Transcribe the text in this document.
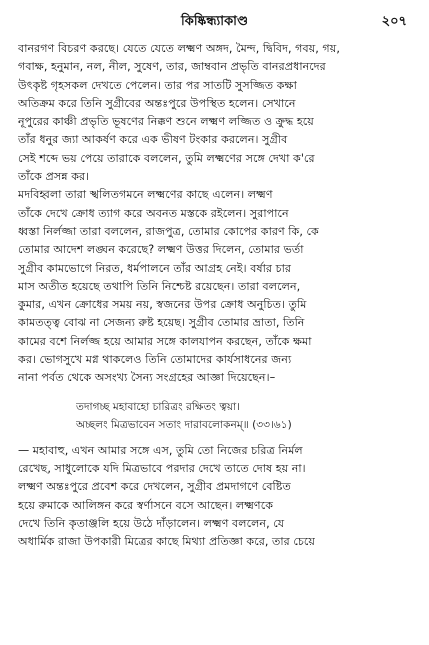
কিষ্কিন্ধ্যাকাণ্ড	২০৭
বানরগণ বিচরণ করছে। যেতে যেতে লক্ষ্মণ অঙ্গদ, মৈন্দ, দ্বিবিদ, গবয়, গয়,
গবাক্ষ, হনুমান, নল, নীল, সুষেণ, তার, জাম্ববান প্রভৃতি বানরপ্রধানদের
উৎকৃষ্ট গৃহসকল দেখতে পেলেন। তার পর সাতটি সুসজ্জিত কক্ষা
অতিক্রম করে তিনি সুগ্রীবের অন্তঃপুরে উপস্থিত হলেন। সেখানে
নূপুরের কাঞ্চী প্রভৃতি ভূষণের নিক্কণ শুনে লক্ষ্মণ লজ্জিত ও ক্রুদ্ধ হয়ে
তাঁর ধনুর জ্যা আকর্ষণ করে এক ভীষণ টংকার করলেন। সুগ্রীব
সেই শব্দে ভয় পেয়ে তারাকে বললেন, তুমি লক্ষ্মণের সঙ্গে দেখা ক'রে
তাঁকে প্রসন্ন কর।
মদবিহ্বলা তারা স্খলিতগমনে লক্ষ্মণের কাছে এলেন। লক্ষ্মণ
তাঁকে দেখে ক্রোধ ত্যাগ করে অবনত মস্তকে রইলেন। সুরাপানে
ধ্বস্তা নির্লজ্জা তারা বললেন, রাজপুত্র, তোমার কোপের কারণ কি, কে
তোমার আদেশ লঙ্ঘন করেছে? লক্ষ্মণ উত্তর দিলেন, তোমার ভর্তা
সুগ্রীব কামভোগে নিরত, ধর্মপালনে তাঁর আগ্রহ নেই। বর্ষার চার
মাস অতীত হয়েছে তথাপি তিনি নিশ্চেষ্ট রয়েছেন। তারা বললেন,
কুমার, এখন ক্রোধের সময় নয়, স্বজনের উপর ক্রোধ অনুচিত। তুমি
কামতত্ত্ব বোঝ না সেজন্য রুষ্ট হয়েছ। সুগ্রীব তোমার ভ্রাতা, তিনি
কামের বশে নির্লজ্জ হয়ে আমার সঙ্গে কালযাপন করছেন, তাঁকে ক্ষমা
কর। ভোগসুখে মগ্ন থাকলেও তিনি তোমাদের কার্যসাধনের জন্য
নানা পর্বত থেকে অসংখ্য সৈন্য সংগ্রহের আজ্ঞা দিয়েছেন।–
তদাগচ্ছ মহাবাহো চারিত্রং রক্ষিতং ত্বয়া।
অচ্ছলং মিত্রভাবেন সতাং দারাবলোকনম্‌॥ (৩৩।৬১)
— মহাবাহু, এখন আমার সঙ্গে এস, তুমি তো নিজের চরিত্র নির্মল
রেখেছ, সাধুলোকে যদি মিত্রভাবে পরদার দেখে তাতে দোষ হয় না।
লক্ষ্মণ অন্তঃপুরে প্রবেশ করে দেখলেন, সুগ্রীব প্রমদাগণে বেষ্টিত
হয়ে রুমাকে আলিঙ্গন করে স্বর্ণাসনে বসে আছেন। লক্ষ্মণকে
দেখে তিনি কৃতাঞ্জলি হয়ে উঠে দাঁড়ালেন। লক্ষ্মণ বললেন, যে
অধার্মিক রাজা উপকারী মিত্রের কাছে মিথ্যা প্রতিজ্ঞা করে, তার চেয়ে
